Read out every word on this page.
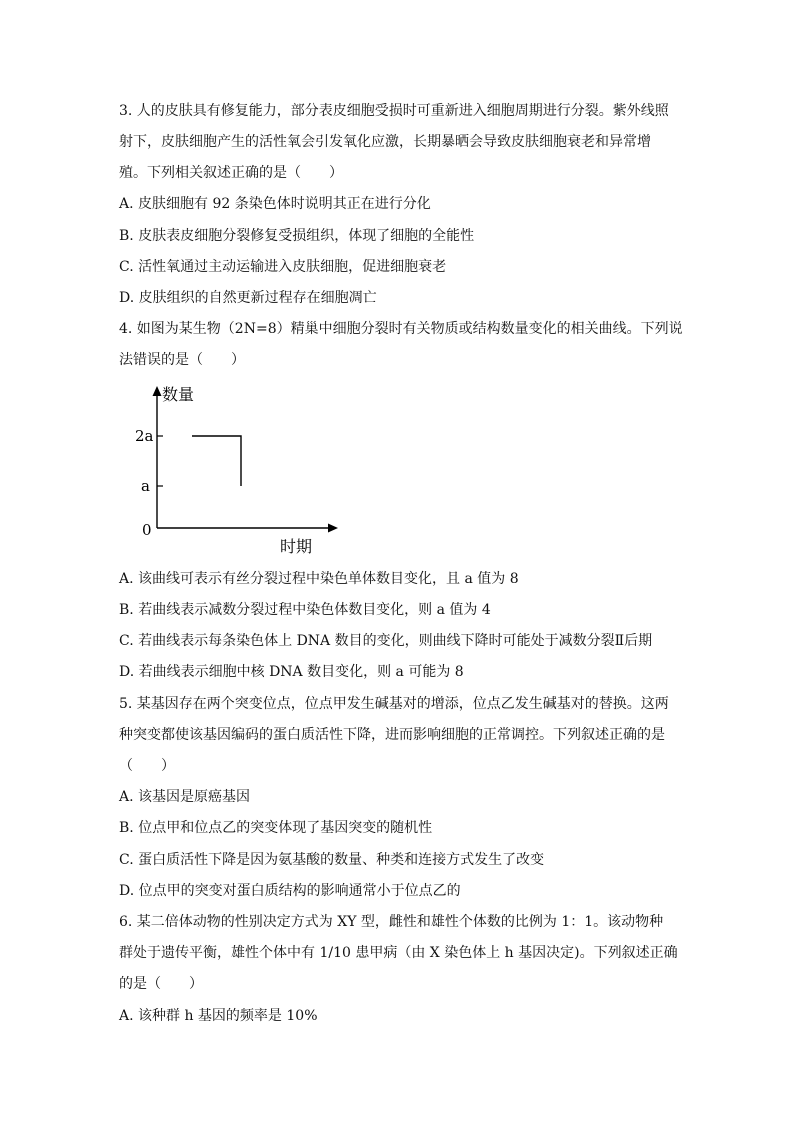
3. 人的皮肤具有修复能力，部分表皮细胞受损时可重新进入细胞周期进行分裂。紫外线照
射下，皮肤细胞产生的活性氧会引发氧化应激，长期暴晒会导致皮肤细胞衰老和异常增
殖。下列相关叙述正确的是（　　）
A. 皮肤细胞有 92 条染色体时说明其正在进行分化
B. 皮肤表皮细胞分裂修复受损组织，体现了细胞的全能性
C. 活性氧通过主动运输进入皮肤细胞，促进细胞衰老
D. 皮肤组织的自然更新过程存在细胞凋亡
4. 如图为某生物（2N=8）精巢中细胞分裂时有关物质或结构数量变化的相关曲线。下列说
法错误的是（　　）
数量
时期
2a
a
0
A. 该曲线可表示有丝分裂过程中染色单体数目变化，且 a 值为 8
B. 若曲线表示减数分裂过程中染色体数目变化，则 a 值为 4
C. 若曲线表示每条染色体上 DNA 数目的变化，则曲线下降时可能处于减数分裂Ⅱ后期
D. 若曲线表示细胞中核 DNA 数目变化，则 a 可能为 8
5. 某基因存在两个突变位点，位点甲发生碱基对的增添，位点乙发生碱基对的替换。这两
种突变都使该基因编码的蛋白质活性下降，进而影响细胞的正常调控。下列叙述正确的是
（　　）
A. 该基因是原癌基因
B. 位点甲和位点乙的突变体现了基因突变的随机性
C. 蛋白质活性下降是因为氨基酸的数量、种类和连接方式发生了改变
D. 位点甲的突变对蛋白质结构的影响通常小于位点乙的
6. 某二倍体动物的性别决定方式为 XY 型，雌性和雄性个体数的比例为 1：1。该动物种
群处于遗传平衡，雄性个体中有 1/10 患甲病（由 X 染色体上 h 基因决定)。下列叙述正确
的是（　　）
A. 该种群 h 基因的频率是 10%
